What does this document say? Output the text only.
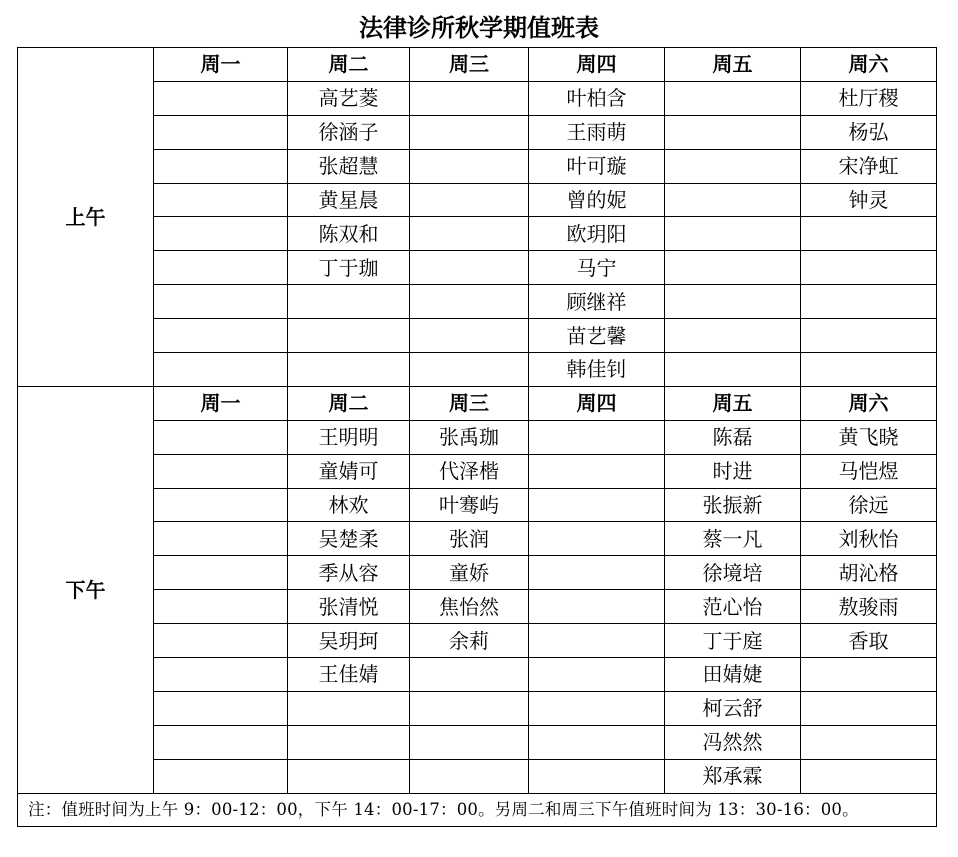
法律诊所秋学期值班表
上午	周一	周二	周三	周四	周五	周六
		高艺菱		叶柏含		杜厅稷
		徐涵子		王雨萌		杨弘
		张超慧		叶可璇		宋净虹
		黄星晨		曾的妮		钟灵
		陈双和		欧玥阳		
		丁于珈		马宁		
				顾继祥		
				苗艺馨		
				韩佳钊		
下午	周一	周二	周三	周四	周五	周六
		王明明	张禹珈		陈磊	黄飞晓
		童婧可	代泽楷		时进	马恺煜
		林欢	叶骞屿		张振新	徐远
		吴楚柔	张润		蔡一凡	刘秋怡
		季从容	童娇		徐境培	胡沁格
		张清悦	焦怡然		范心怡	敖骏雨
		吴玥珂	余莉		丁于庭	香取
		王佳婧			田婧婕	
					柯云舒	
					冯然然	
					郑承霖	
注：值班时间为上午 9：00-12：00，下午 14：00-17：00。另周二和周三下午值班时间为 13：30-16：00。						
